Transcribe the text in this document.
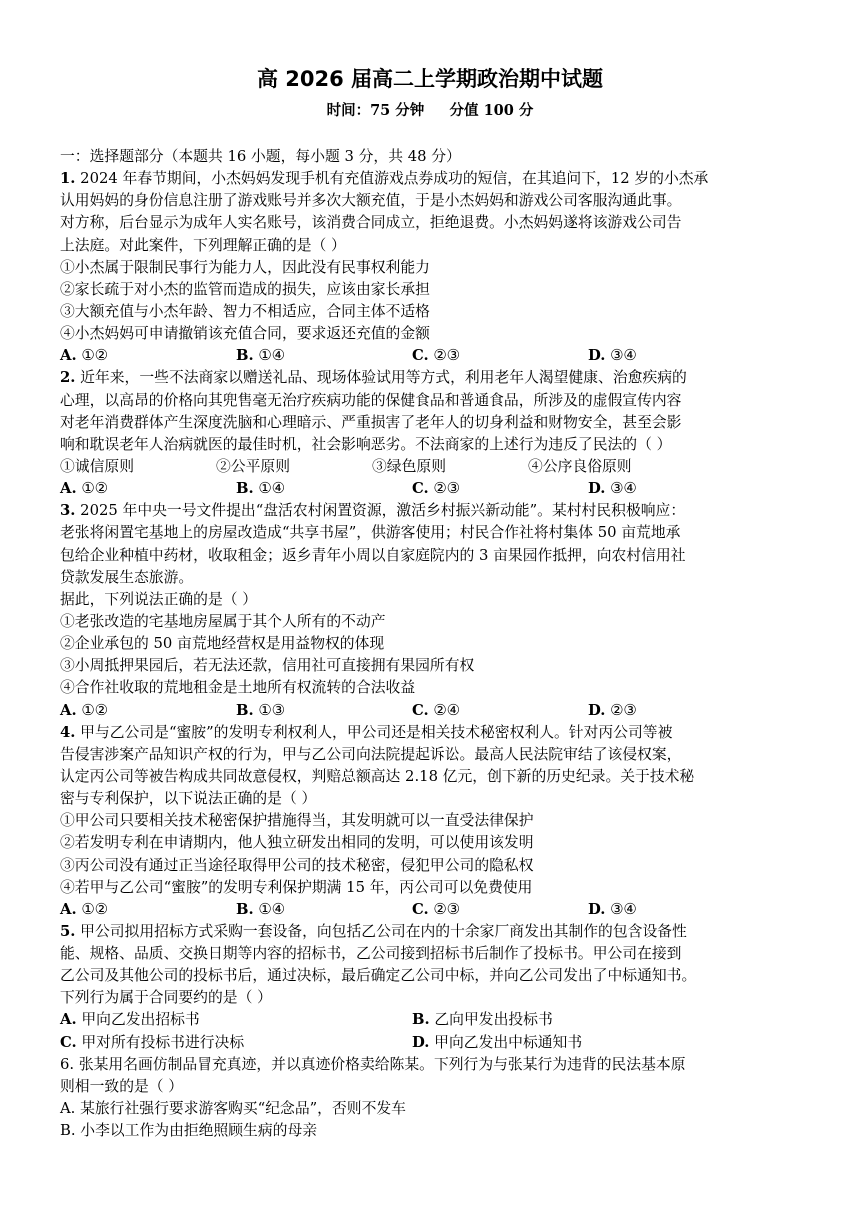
高 2026 届高二上学期政治期中试题
时间：75 分钟     分值 100 分
一：选择题部分（本题共 16 小题，每小题 3 分，共 48 分）
1. 2024 年春节期间，小杰妈妈发现手机有充值游戏点券成功的短信，在其追问下，12 岁的小杰承
认用妈妈的身份信息注册了游戏账号并多次大额充值，于是小杰妈妈和游戏公司客服沟通此事。
对方称，后台显示为成年人实名账号，该消费合同成立，拒绝退费。小杰妈妈遂将该游戏公司告
上法庭。对此案件，下列理解正确的是（ ）
①小杰属于限制民事行为能力人，因此没有民事权利能力
②家长疏于对小杰的监管而造成的损失，应该由家长承担
③大额充值与小杰年龄、智力不相适应，合同主体不适格
④小杰妈妈可申请撤销该充值合同，要求返还充值的金额
A. ①②	B. ①④	C. ②③	D. ③④
2. 近年来，一些不法商家以赠送礼品、现场体验试用等方式，利用老年人渴望健康、治愈疾病的
心理，以高昂的价格向其兜售毫无治疗疾病功能的保健食品和普通食品，所涉及的虚假宣传内容
对老年消费群体产生深度洗脑和心理暗示、严重损害了老年人的切身利益和财物安全，甚至会影
响和耽误老年人治病就医的最佳时机，社会影响恶劣。不法商家的上述行为违反了民法的（ ）
①诚信原则	②公平原则	③绿色原则	④公序良俗原则
A. ①②	B. ①④	C. ②③	D. ③④
3. 2025 年中央一号文件提出“盘活农村闲置资源，激活乡村振兴新动能”。某村村民积极响应：
老张将闲置宅基地上的房屋改造成“共享书屋”，供游客使用；村民合作社将村集体 50 亩荒地承
包给企业种植中药材，收取租金；返乡青年小周以自家庭院内的 3 亩果园作抵押，向农村信用社
贷款发展生态旅游。
据此，下列说法正确的是（ ）
①老张改造的宅基地房屋属于其个人所有的不动产
②企业承包的 50 亩荒地经营权是用益物权的体现
③小周抵押果园后，若无法还款，信用社可直接拥有果园所有权
④合作社收取的荒地租金是土地所有权流转的合法收益
A. ①②	B. ①③	C. ②④	D. ②③
4. 甲与乙公司是“蜜胺”的发明专利权利人，甲公司还是相关技术秘密权利人。针对丙公司等被
告侵害涉案产品知识产权的行为，甲与乙公司向法院提起诉讼。最高人民法院审结了该侵权案，
认定丙公司等被告构成共同故意侵权，判赔总额高达 2.18 亿元，创下新的历史纪录。关于技术秘
密与专利保护，以下说法正确的是（ ）
①甲公司只要相关技术秘密保护措施得当，其发明就可以一直受法律保护
②若发明专利在申请期内，他人独立研发出相同的发明，可以使用该发明
③丙公司没有通过正当途径取得甲公司的技术秘密，侵犯甲公司的隐私权
④若甲与乙公司“蜜胺”的发明专利保护期满 15 年，丙公司可以免费使用
A. ①②	B. ①④	C. ②③	D. ③④
5. 甲公司拟用招标方式采购一套设备，向包括乙公司在内的十余家厂商发出其制作的包含设备性
能、规格、品质、交换日期等内容的招标书，乙公司接到招标书后制作了投标书。甲公司在接到
乙公司及其他公司的投标书后，通过决标，最后确定乙公司中标，并向乙公司发出了中标通知书。
下列行为属于合同要约的是（ ）
A. 甲向乙发出招标书	B. 乙向甲发出投标书
C. 甲对所有投标书进行决标	D. 甲向乙发出中标通知书
6. 张某用名画仿制品冒充真迹，并以真迹价格卖给陈某。下列行为与张某行为违背的民法基本原
则相一致的是（ ）
A. 某旅行社强行要求游客购买“纪念品”，否则不发车
B. 小李以工作为由拒绝照顾生病的母亲
